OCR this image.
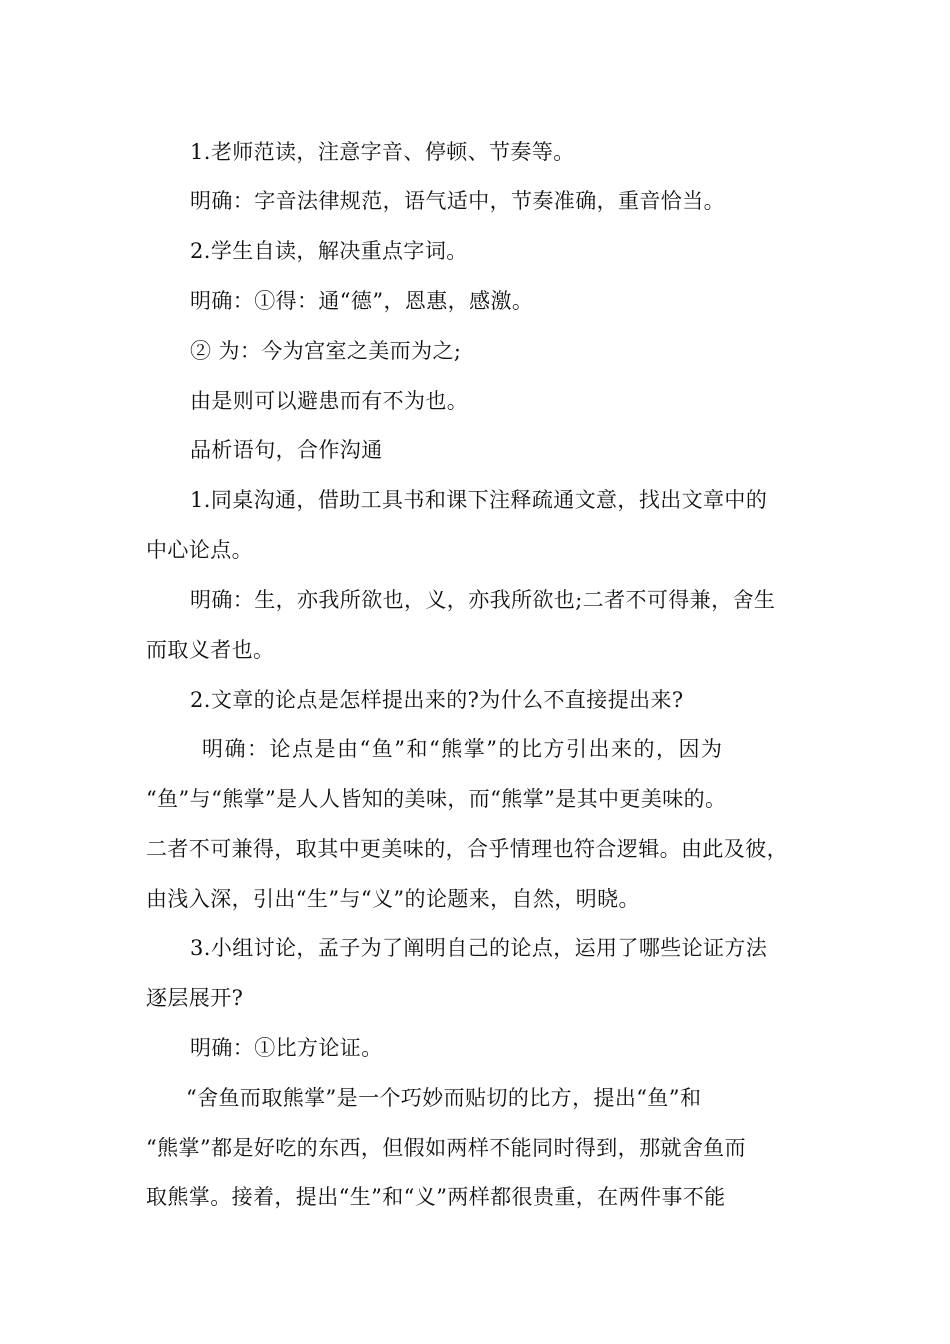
1.老师范读，注意字音、停顿、节奏等。
明确：字音法律规范，语气适中，节奏准确，重音恰当。
2.学生自读，解决重点字词。
明确：①得：通“德”，恩惠，感激。
② 为：今为宫室之美而为之;
由是则可以避患而有不为也。
品析语句，合作沟通
1.同桌沟通，借助工具书和课下注释疏通文意，找出文章中的
中心论点。
明确：生，亦我所欲也，义，亦我所欲也;二者不可得兼，舍生
而取义者也。
2.文章的论点是怎样提出来的?为什么不直接提出来?
明确：论点是由“鱼”和“熊掌”的比方引出来的，因为
“鱼”与“熊掌”是人人皆知的美味，而“熊掌”是其中更美味的。
二者不可兼得，取其中更美味的，合乎情理也符合逻辑。由此及彼，
由浅入深，引出“生”与“义”的论题来，自然，明晓。
3.小组讨论，孟子为了阐明自己的论点，运用了哪些论证方法
逐层展开?
明确：①比方论证。
“舍鱼而取熊掌”是一个巧妙而贴切的比方，提出“鱼”和
“熊掌”都是好吃的东西，但假如两样不能同时得到，那就舍鱼而
取熊掌。接着，提出“生”和“义”两样都很贵重，在两件事不能
